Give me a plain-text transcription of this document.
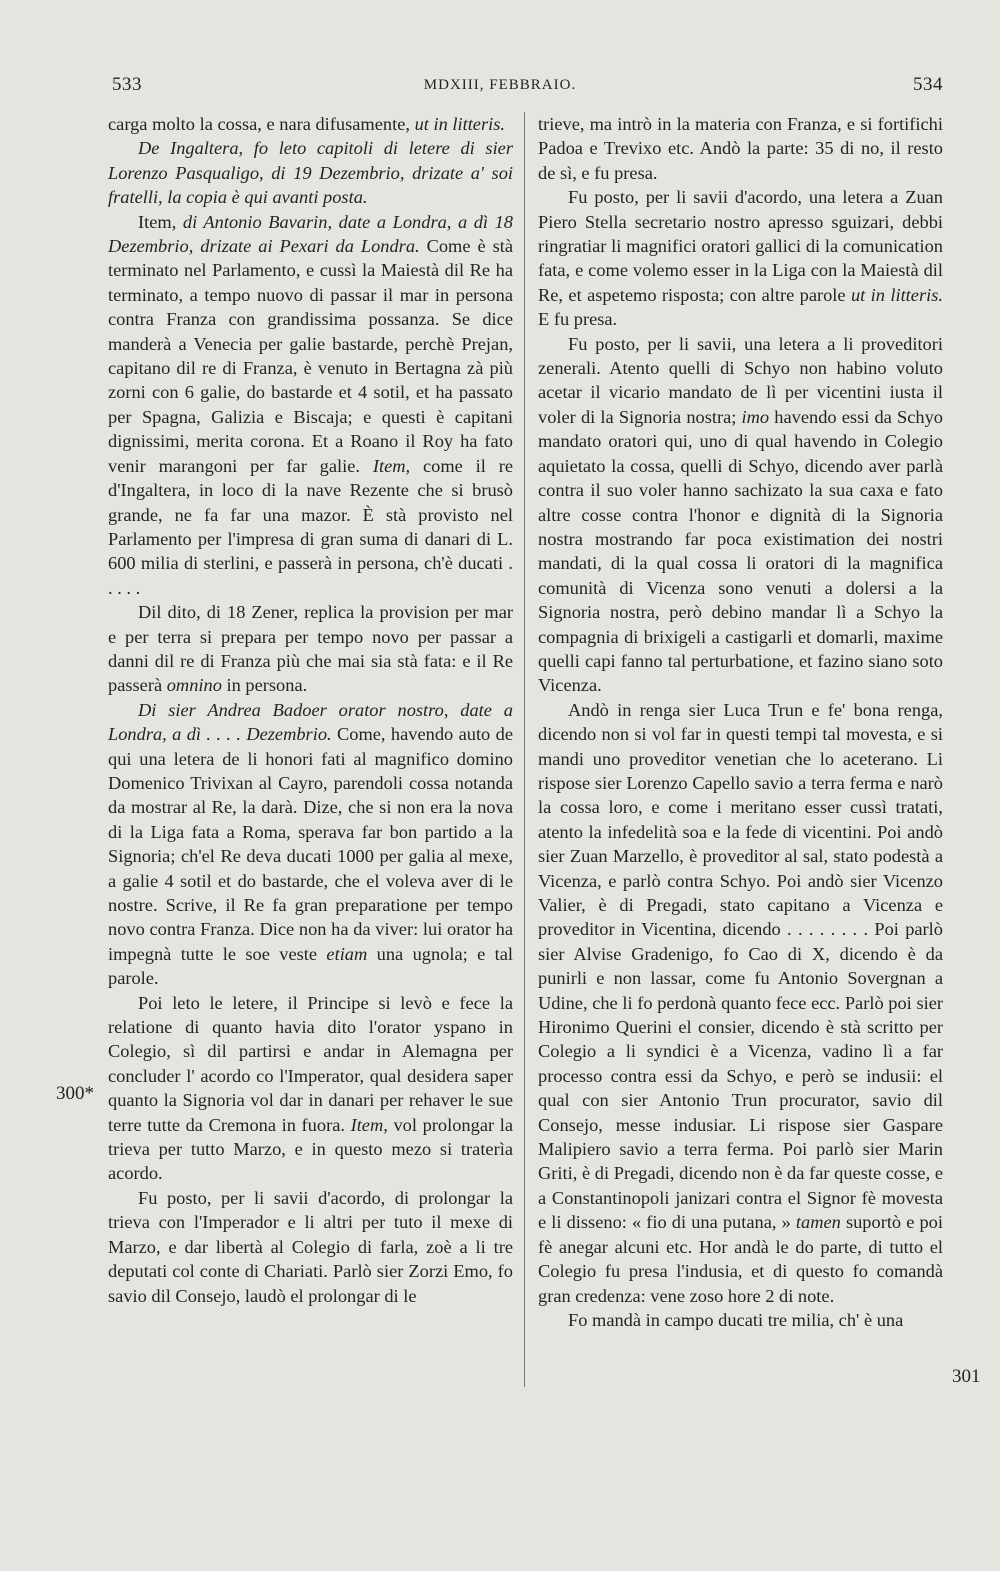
533	MDXIII, FEBBRAIO.	534
300*
301

carga molto la cossa, e nara difusamente, ut in litteris.

De Ingaltera, fo leto capitoli di letere di sier Lorenzo Pasqualigo, di 19 Dezembrio, drizate a' soi fratelli, la copia è qui avanti posta.

Item, di Antonio Bavarin, date a Londra, a dì 18 Dezembrio, drizate ai Pexari da Londra. Come è stà terminato nel Parlamento, e cussì la Maiestà dil Re ha terminato, a tempo nuovo di passar il mar in persona contra Franza con grandissima possanza. Se dice manderà a Venecia per galie bastarde, perchè Prejan, capitano dil re di Franza, è venuto in Bertagna zà più zorni con 6 galie, do bastarde et 4 sotil, et ha passato per Spagna, Galizia e Biscaja; e questi è capitani dignissimi, merita corona. Et a Roano il Roy ha fato venir marangoni per far galie. Item, come il re d'Ingaltera, in loco di la nave Rezente che si brusò grande, ne fa far una mazor. È stà provisto nel Parlamento per l'impresa di gran suma di danari di L. 600 milia di sterlini, e passerà in persona, ch'è ducati . . . . .

Dil dito, di 18 Zener, replica la provision per mar e per terra si prepara per tempo novo per passar a danni dil re di Franza più che mai sia stà fata: e il Re passerà omnino in persona.

Di sier Andrea Badoer orator nostro, date a Londra, a dì . . . . Dezembrio. Come, havendo auto de qui una letera de li honori fati al magnifico domino Domenico Trivixan al Cayro, parendoli cossa notanda da mostrar al Re, la darà. Dize, che si non era la nova di la Liga fata a Roma, sperava far bon partido a la Signoria; ch'el Re deva ducati 1000 per galia al mexe, a galie 4 sotil et do bastarde, che el voleva aver di le nostre. Scrive, il Re fa gran preparatione per tempo novo contra Franza. Dice non ha da viver: lui orator ha impegnà tutte le soe veste etiam una ugnola; e tal parole.

Poi leto le letere, il Principe si levò e fece la relatione di quanto havia dito l'orator yspano in Colegio, sì dil partirsi e andar in Alemagna per concluder l' acordo co l'Imperator, qual desidera saper quanto la Signoria vol dar in danari per rehaver le sue terre tutte da Cremona in fuora. Item, vol prolongar la trieva per tutto Marzo, e in questo mezo si traterìa acordo.

Fu posto, per li savii d'acordo, di prolongar la trieva con l'Imperador e li altri per tuto il mexe di Marzo, e dar libertà al Colegio di farla, zoè a li tre deputati col conte di Chariati. Parlò sier Zorzi Emo, fo savio dil Consejo, laudò el prolongar di le

trieve, ma intrò in la materia con Franza, e si fortifichi Padoa e Trevixo etc. Andò la parte: 35 di no, il resto de sì, e fu presa.

Fu posto, per li savii d'acordo, una letera a Zuan Piero Stella secretario nostro apresso sguizari, debbi ringratiar li magnifici oratori gallici di la comunication fata, e come volemo esser in la Liga con la Maiestà dil Re, et aspetemo risposta; con altre parole ut in litteris. E fu presa.

Fu posto, per li savii, una letera a li proveditori zenerali. Atento quelli di Schyo non habino voluto acetar il vicario mandato de lì per vicentini iusta il voler di la Signoria nostra; imo havendo essi da Schyo mandato oratori qui, uno di qual havendo in Colegio aquietato la cossa, quelli di Schyo, dicendo aver parlà contra il suo voler hanno sachizato la sua caxa e fato altre cosse contra l'honor e dignità di la Signoria nostra mostrando far poca existimation dei nostri mandati, di la qual cossa li oratori di la magnifica comunità di Vicenza sono venuti a dolersi a la Signoria nostra, però debino mandar lì a Schyo la compagnia di brixigeli a castigarli et domarli, maxime quelli capi fanno tal perturbatione, et fazino siano soto Vicenza.

Andò in renga sier Luca Trun e fe' bona renga, dicendo non si vol far in questi tempi tal movesta, e si mandi uno proveditor venetian che lo aceterano. Li rispose sier Lorenzo Capello savio a terra ferma e narò la cossa loro, e come i meritano esser cussì tratati, atento la infedelità soa e la fede di vicentini. Poi andò sier Zuan Marzello, è proveditor al sal, stato podestà a Vicenza, e parlò contra Schyo. Poi andò sier Vicenzo Valier, è di Pregadi, stato capitano a Vicenza e proveditor in Vicentina, dicendo . . . . . . . . Poi parlò sier Alvise Gradenigo, fo Cao di X, dicendo è da punirli e non lassar, come fu Antonio Sovergnan a Udine, che li fo perdonà quanto fece ecc. Parlò poi sier Hironimo Querini el consier, dicendo è stà scritto per Colegio a li syndici è a Vicenza, vadino lì a far processo contra essi da Schyo, e però se indusii: el qual con sier Antonio Trun procurator, savio dil Consejo, messe indusiar. Li rispose sier Gaspare Malipiero savio a terra ferma. Poi parlò sier Marin Griti, è di Pregadi, dicendo non è da far queste cosse, e a Constantinopoli janizari contra el Signor fè movesta e li disseno: « fio di una putana, » tamen suportò e poi fè anegar alcuni etc. Hor andà le do parte, di tutto el Colegio fu presa l'indusia, et di questo fo comandà gran credenza: vene zoso hore 2 di note.

Fo mandà in campo ducati tre milia, ch' è una
